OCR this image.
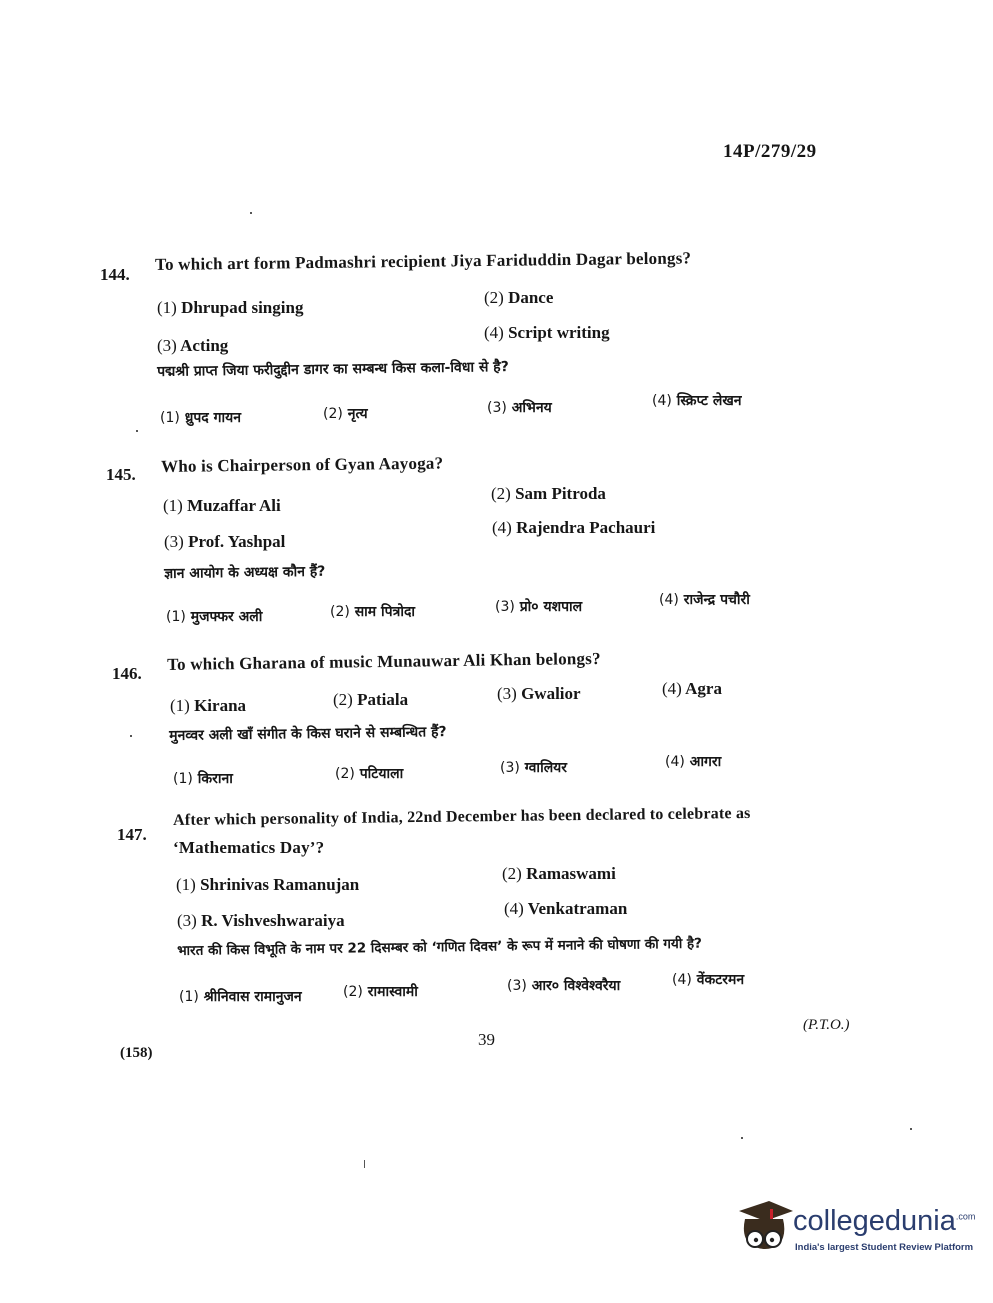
14P/279/29
144.
To which art form Padmashri recipient Jiya Fariduddin Dagar belongs?
(1) Dhrupad singing
(2) Dance
(3) Acting
(4) Script writing
पद्मश्री प्राप्त जिया फरीदुद्दीन डागर का सम्बन्ध किस कला-विधा से है?
(1) ध्रुपद गायन	(2) नृत्य	(3) अभिनय	(4) स्क्रिप्ट लेखन
145. Who is Chairperson of Gyan Aayoga?
(1) Muzaffar Ali
(2) Sam Pitroda
(3) Prof. Yashpal
(4) Rajendra Pachauri
ज्ञान आयोग के अध्यक्ष कौन हैं?
(1) मुजफ्फर अली	(2) साम पित्रोदा	(3) प्रो० यशपाल	(4) राजेन्द्र पचौरी
146. To which Gharana of music Munauwar Ali Khan belongs?
(1) Kirana	(2) Patiala	(3) Gwalior	(4) Agra
मुनव्वर अली खाँ संगीत के किस घराने से सम्बन्धित हैं?
(1) किराना	(2) पटियाला	(3) ग्वालियर	(4) आगरा
147.
After which personality of India, 22nd December has been declared to celebrate as
‘Mathematics Day’?
(1) Shrinivas Ramanujan
(2) Ramaswami
(3) R. Vishveshwaraiya
(4) Venkatraman
भारत की किस विभूति के नाम पर 22 दिसम्बर को ‘गणित दिवस’ के रूप में मनाने की घोषणा की गयी है?
(1) श्रीनिवास रामानुजन	(2) रामास्वामी	(3) आर० विश्वेश्वरैया	(4) वेंकटरमन
(P.T.O.)
39
(158)
collegedunia$^{.com}$
India's largest Student Review Platform
